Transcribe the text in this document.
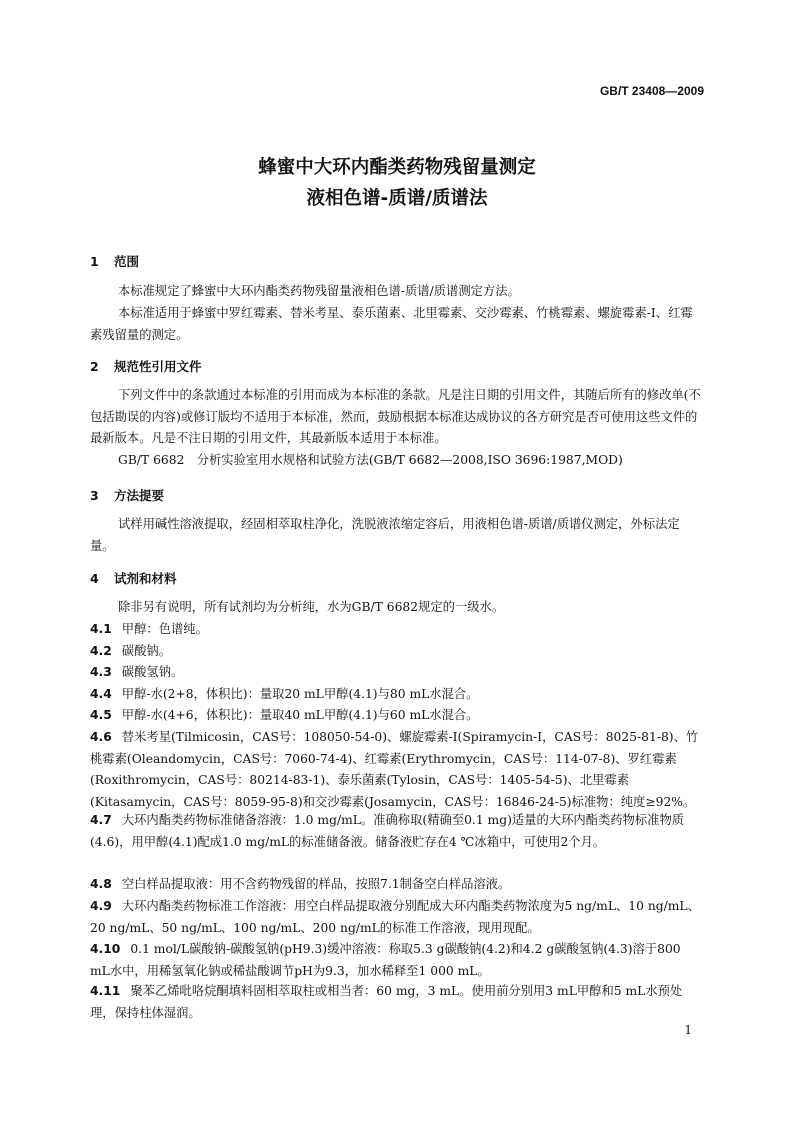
GB/T 23408—2009
蜂蜜中大环内酯类药物残留量测定
液相色谱-质谱/质谱法
1 范围
本标准规定了蜂蜜中大环内酯类药物残留量液相色谱-质谱/质谱测定方法。
本标准适用于蜂蜜中罗红霉素、替米考星、泰乐菌素、北里霉素、交沙霉素、竹桃霉素、螺旋霉素-Ⅰ、红霉素残留量的测定。
2 规范性引用文件
下列文件中的条款通过本标准的引用而成为本标准的条款。凡是注日期的引用文件，其随后所有的修改单(不包括勘误的内容)或修订版均不适用于本标准，然而，鼓励根据本标准达成协议的各方研究是否可使用这些文件的最新版本。凡是不注日期的引用文件，其最新版本适用于本标准。
GB/T 6682　分析实验室用水规格和试验方法(GB/T 6682—2008,ISO 3696:1987,MOD)
3 方法提要
试样用碱性溶液提取，经固相萃取柱净化，洗脱液浓缩定容后，用液相色谱-质谱/质谱仪测定，外标法定量。
4 试剂和材料
除非另有说明，所有试剂均为分析纯，水为GB/T 6682规定的一级水。
4.1 甲醇：色谱纯。
4.2 碳酸钠。
4.3 碳酸氢钠。
4.4 甲醇-水(2+8，体积比)：量取20 mL甲醇(4.1)与80 mL水混合。
4.5 甲醇-水(4+6，体积比)：量取40 mL甲醇(4.1)与60 mL水混合。
4.6 替米考星(Tilmicosin，CAS号：108050-54-0)、螺旋霉素-Ⅰ(Spiramycin-Ⅰ，CAS号：8025-81-8)、竹桃霉素(Oleandomycin，CAS号：7060-74-4)、红霉素(Erythromycin，CAS号：114-07-8)、罗红霉素(Roxithromycin，CAS号：80214-83-1)、泰乐菌素(Tylosin，CAS号：1405-54-5)、北里霉素(Kitasamycin，CAS号：8059-95-8)和交沙霉素(Josamycin，CAS号：16846-24-5)标准物：纯度≥92%。
4.7 大环内酯类药物标准储备溶液：1.0 mg/mL。准确称取(精确至0.1 mg)适量的大环内酯类药物标准物质(4.6)，用甲醇(4.1)配成1.0 mg/mL的标准储备液。储备液贮存在4 ℃冰箱中，可使用2个月。
4.8 空白样品提取液：用不含药物残留的样品，按照7.1制备空白样品溶液。
4.9 大环内酯类药物标准工作溶液：用空白样品提取液分别配成大环内酯类药物浓度为5 ng/mL、10 ng/mL、20 ng/mL、50 ng/mL、100 ng/mL、200 ng/mL的标准工作溶液，现用现配。
4.10 0.1 mol/L碳酸钠-碳酸氢钠(pH9.3)缓冲溶液：称取5.3 g碳酸钠(4.2)和4.2 g碳酸氢钠(4.3)溶于800 mL水中，用稀氢氧化钠或稀盐酸调节pH为9.3，加水稀释至1 000 mL。
4.11 聚苯乙烯吡咯烷酮填料固相萃取柱或相当者：60 mg，3 mL。使用前分别用3 mL甲醇和5 mL水预处理，保持柱体湿润。
1
